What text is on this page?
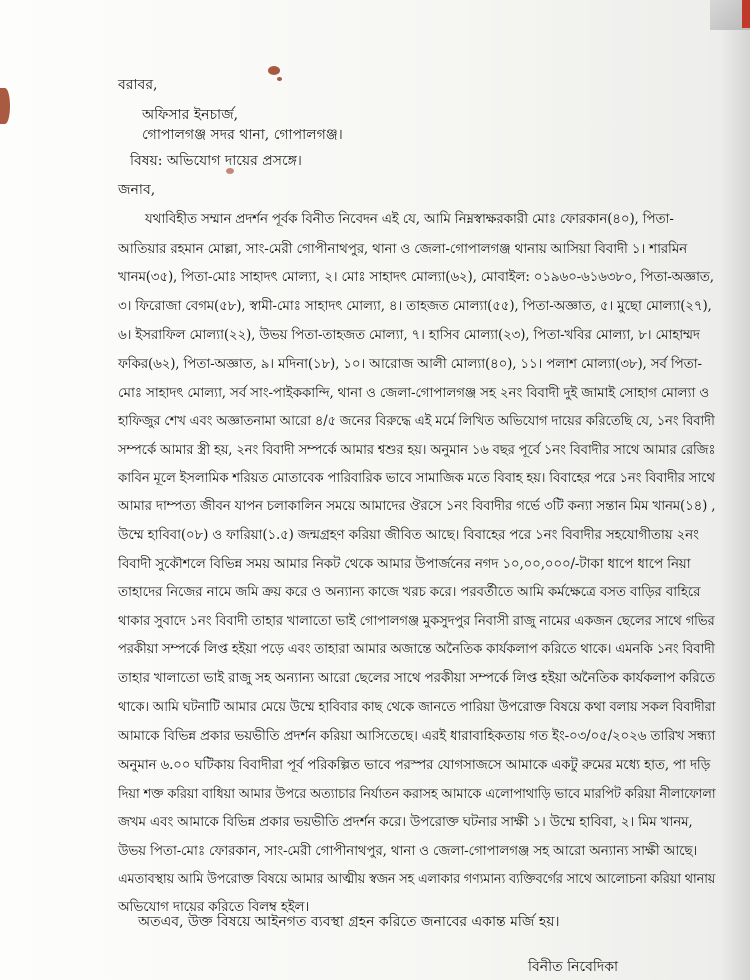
বরাবর,
অফিসার ইনচার্জ,
গোপালগঞ্জ সদর থানা, গোপালগঞ্জ।
বিষয়: অভিযোগ দায়ের প্রসঙ্গে।
জনাব,
যথাবিহীত সম্মান প্রদর্শন পূর্বক বিনীত নিবেদন এই যে, আমি নিম্নস্বাক্ষরকারী মোঃ ফোরকান(৪০), পিতা-
আতিয়ার রহমান মোল্লা, সাং-মেরী গোপীনাথপুর, থানা ও জেলা-গোপালগঞ্জ থানায় আসিয়া বিবাদী ১। শারমিন
খানম(৩৫), পিতা-মোঃ সাহাদৎ মোল্যা, ২। মোঃ সাহাদৎ মোল্যা(৬২), মোবাইল: ০১৯৬০-৬১৬৩৮০, পিতা-অজ্ঞাত,
৩। ফিরোজা বেগম(৫৮), স্বামী-মোঃ সাহাদৎ মোল্যা, ৪। তাহজত মোল্যা(৫৫), পিতা-অজ্ঞাত, ৫। মুছো মোল্যা(২৭),
৬। ইসরাফিল মোল্যা(২২), উভয় পিতা-তাহজত মোল্যা, ৭। হাসিব মোল্যা(২৩), পিতা-খবির মোল্যা, ৮। মোহাম্মদ
ফকির(৬২), পিতা-অজ্ঞাত, ৯। মদিনা(১৮), ১০। আরোজ আলী মোল্যা(৪০), ১১। পলাশ মোল্যা(৩৮), সর্ব পিতা-
মোঃ সাহাদৎ মোল্যা, সর্ব সাং-পাইককান্দি, থানা ও জেলা-গোপালগঞ্জ সহ ২নং বিবাদী দুই জামাই সোহাগ মোল্যা ও
হাফিজুর শেখ এবং অজ্ঞাতনামা আরো ৪/৫ জনের বিরুদ্ধে এই মর্মে লিখিত অভিযোগ দায়ের করিতেছি যে, ১নং বিবাদী
সম্পর্কে আমার স্ত্রী হয়, ২নং বিবাদী সম্পর্কে আমার শ্বশুর হয়। অনুমান ১৬ বছর পূর্বে ১নং বিবাদীর সাথে আমার রেজিঃ
কাবিন মূলে ইসলামিক শরিয়ত মোতাবেক পারিবারিক ভাবে সামাজিক মতে বিবাহ হয়। বিবাহের পরে ১নং বিবাদীর সাথে
আমার দাম্পত্য জীবন যাপন চলাকালিন সময়ে আমাদের ঔরসে ১নং বিবাদীর গর্ভে ৩টি কন্যা সন্তান মিম খানম(১৪) ,
উম্মে হাবিবা(০৮) ও ফারিয়া(১.৫) জন্মগ্রহণ করিয়া জীবিত আছে। বিবাহের পরে ১নং বিবাদীর সহযোগীতায় ২নং
বিবাদী সুকৌশলে বিভিন্ন সময় আমার নিকট থেকে আমার উপার্জনের নগদ ১০,০০,০০০/-টাকা ধাপে ধাপে নিয়া
তাহাদের নিজের নামে জমি ক্রয় করে ও অন্যান্য কাজে খরচ করে। পরবর্তীতে আমি কর্মক্ষেত্রে বসত বাড়ির বাহিরে
থাকার সুবাদে ১নং বিবাদী তাহার খালাতো ভাই গোপালগঞ্জ মুকসুদপুর নিবাসী রাজু নামের একজন ছেলের সাথে গভির
পরকীয়া সম্পর্কে লিপ্ত হইয়া পড়ে এবং তাহারা আমার অজান্তে অনৈতিক কার্যকলাপ করিতে থাকে। এমনকি ১নং বিবাদী
তাহার খালাতো ভাই রাজু সহ অন্যান্য আরো ছেলের সাথে পরকীয়া সম্পর্কে লিপ্ত হইয়া অনৈতিক কার্যকলাপ করিতে
থাকে। আমি ঘটনাটি আমার মেয়ে উম্মে হাবিবার কাছ থেকে জানতে পারিয়া উপরোক্ত বিষয়ে কথা বলায় সকল বিবাদীরা
আমাকে বিভিন্ন প্রকার ভয়ভীতি প্রদর্শন করিয়া আসিতেছে। এরই ধারাবাহিকতায় গত ইং-০৩/০৫/২০২৬ তারিখ সন্ধ্যা
অনুমান ৬.০০ ঘটিকায় বিবাদীরা পূর্ব পরিকল্পিত ভাবে পরস্পর যোগসাজসে আমাকে একটু রুমের মধ্যে হাত, পা দড়ি
দিয়া শক্ত করিয়া বাধিয়া আমার উপরে অত্যাচার নির্যাতন করাসহ আমাকে এলোপাথাড়ি ভাবে মারপিট করিয়া নীলাফোলা
জখম এবং আমাকে বিভিন্ন প্রকার ভয়ভীতি প্রদর্শন করে। উপরোক্ত ঘটনার সাক্ষী ১। উম্মে হাবিবা, ২। মিম খানম,
উভয় পিতা-মোঃ ফোরকান, সাং-মেরী গোপীনাথপুর, থানা ও জেলা-গোপালগঞ্জ সহ আরো অন্যান্য সাক্ষী আছে।
এমতাবস্থায় আমি উপরোক্ত বিষয়ে আমার আত্মীয় স্বজন সহ এলাকার গণ্যমান্য ব্যক্তিবর্গের সাথে আলোচনা করিয়া থানায়
অভিযোগ দায়ের করিতে বিলম্ব হইল।
অতএব, উক্ত বিষয়ে আইনগত ব্যবস্থা গ্রহন করিতে জনাবের একান্ত মর্জি হয়।
বিনীত নিবেদিকা
